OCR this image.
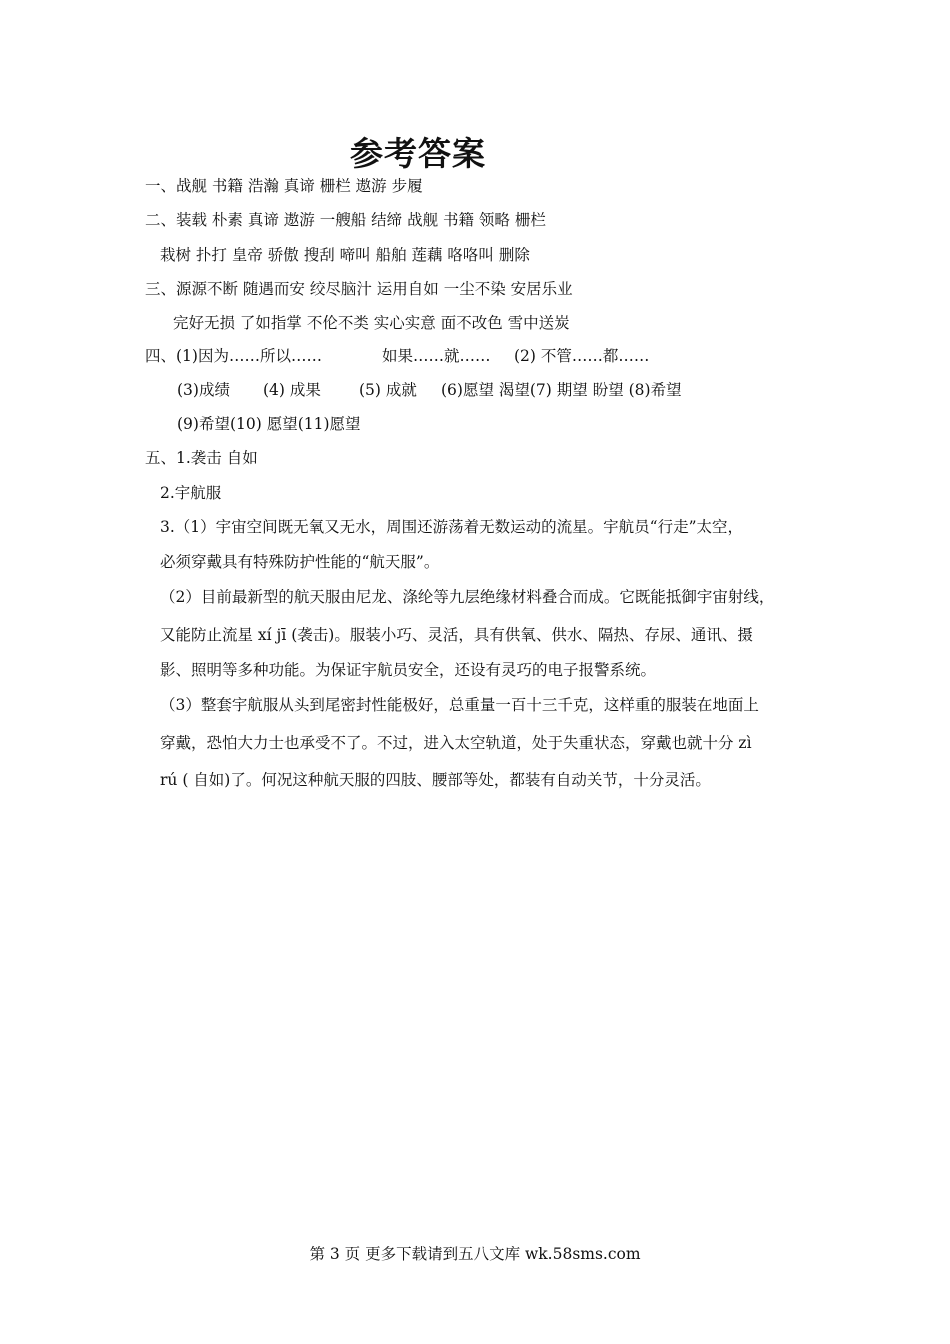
参考答案
一、战舰 书籍 浩瀚 真谛 栅栏 遨游 步履
二、装载 朴素 真谛 遨游 一艘船 结缔 战舰 书籍 领略 栅栏
栽树 扑打 皇帝 骄傲 搜刮 啼叫 船舶 莲藕 咯咯叫 删除
三、源源不断 随遇而安 绞尽脑汁 运用自如 一尘不染 安居乐业
完好无损 了如指掌 不伦不类 实心实意 面不改色 雪中送炭
四、(1)因为……所以……	如果……就…… (2) 不管……都……
(3)成绩 (4) 成果 (5) 成就 (6)愿望 渴望(7) 期望 盼望 (8)希望
(9)希望(10) 愿望(11)愿望
五、1.袭击 自如
2.宇航服
3.（1）宇宙空间既无氧又无水，周围还游荡着无数运动的流星。宇航员“行走”太空，
必须穿戴具有特殊防护性能的“航天服”。
（2）目前最新型的航天服由尼龙、涤纶等九层绝缘材料叠合而成。它既能抵御宇宙射线，
又能防止流星 xí jī (袭击)。服装小巧、灵活，具有供氧、供水、隔热、存尿、通讯、摄
影、照明等多种功能。为保证宇航员安全，还设有灵巧的电子报警系统。
（3）整套宇航服从头到尾密封性能极好，总重量一百十三千克，这样重的服装在地面上
穿戴，恐怕大力士也承受不了。不过，进入太空轨道，处于失重状态，穿戴也就十分 zì
rú ( 自如)了。何况这种航天服的四肢、腰部等处，都装有自动关节，十分灵活。
第 3 页 更多下载请到五八文库 wk.58sms.com
